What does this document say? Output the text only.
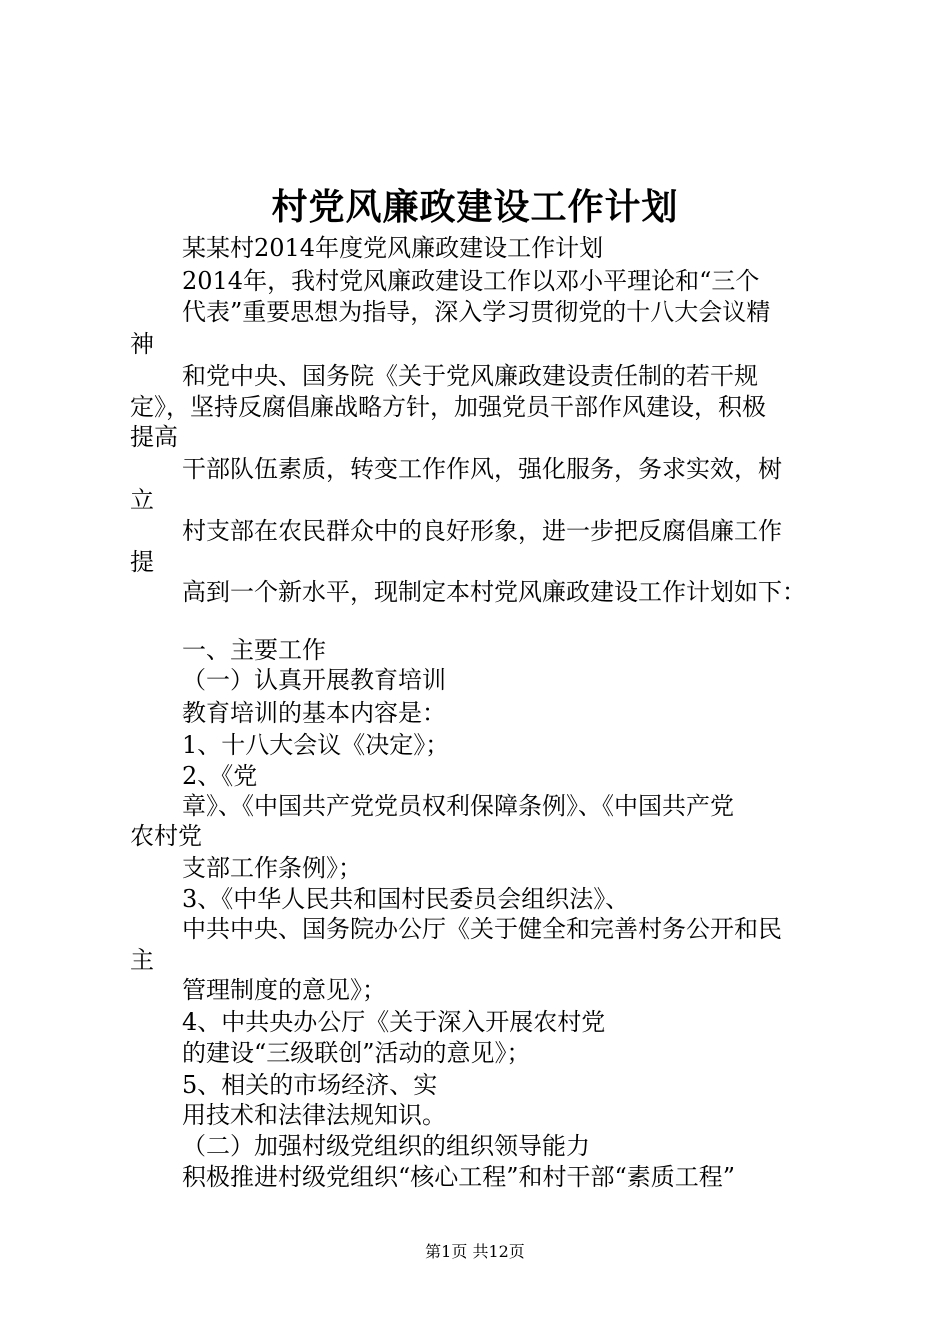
村党风廉政建设工作计划
某某村2014年度党风廉政建设工作计划
2014年，我村党风廉政建设工作以邓小平理论和“三个
代表”重要思想为指导，深入学习贯彻党的十八大会议精
神
和党中央、国务院《关于党风廉政建设责任制的若干规
定》，坚持反腐倡廉战略方针，加强党员干部作风建设，积极
提高
干部队伍素质，转变工作作风，强化服务，务求实效，树
立
村支部在农民群众中的良好形象，进一步把反腐倡廉工作
提
高到一个新水平，现制定本村党风廉政建设工作计划如下：
一、主要工作
（一）认真开展教育培训
教育培训的基本内容是：
1、十八大会议《决定》；
2、《党
章》、《中国共产党党员权利保障条例》、《中国共产党
农村党
支部工作条例》；
3、《中华人民共和国村民委员会组织法》、
中共中央、国务院办公厅《关于健全和完善村务公开和民
主
管理制度的意见》；
4、中共央办公厅《关于深入开展农村党
的建设“三级联创”活动的意见》；
5、相关的市场经济、实
用技术和法律法规知识。
（二）加强村级党组织的组织领导能力
积极推进村级党组织“核心工程”和村干部“素质工程”
第1页 共12页
